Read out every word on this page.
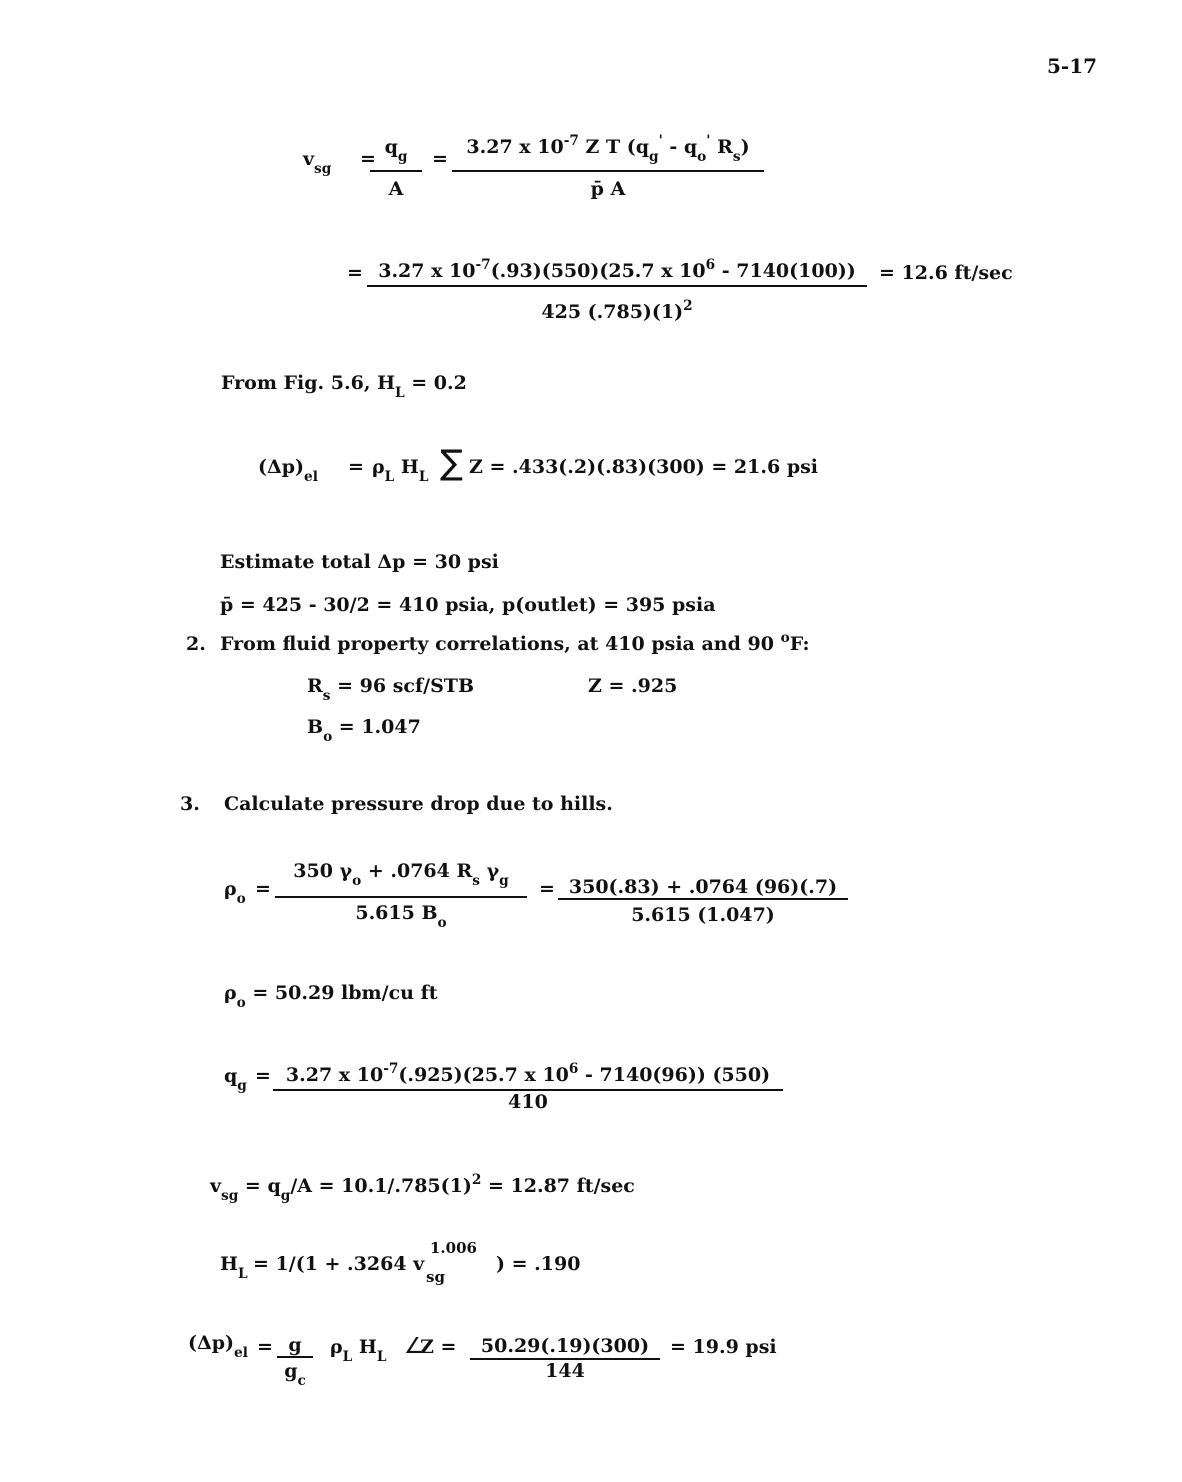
5-17
$v_{sg}$ =
$q_g$
A
=
3.27 x $10^{-7}$ Z T ($q_g' - q_o'$ $R_s$)
p̄ A
= 3.27 x $10^{-7}(.93)(550)(25.7$ x $10^6 - 7140(100)$)
425 $(.785)(1)^2$
= 12.6 ft/sec
From Fig. 5.6, $H_L = 0.2$
$(\Delta p)_{el} = \rho_L$ $H_L$ ∑ Z = .433(.2)(.83)(300) = 21.6 psi
Estimate total Δp = 30 psi
p̄ = 425 - 30/2 = 410 psia, p(outlet) = 395 psia
2. From fluid property correlations, at 410 psia and 90 $^o$F:
$R_s = 96$ scf/STB	Z = .925
$B_o = 1.047$
3. Calculate pressure drop due to hills.
$\rho_o$ =
350 $\gamma_o + .0764$ $R_s$ $\gamma_g$
5.615 $B_o$
= 350(.83) + .0764 (96)(.7)
5.615 (1.047)
$\rho_o = 50.29$ lbm/cu ft
$q_g = 3.27$ x $10^{-7}(.925)(25.7$ x $10^6 - 7140(96)$) (550)
410
$v_{sg} = q_g/A = 10.1/.785(1)^2 = 12.87$ ft/sec
$H_L = 1/(1 + .3264$ v
1.006
sg
) = .190
$(\Delta p)_{el} = g$
$g_c$
$\rho_L$ $H_L$ ∠
Z =	50.29(.19)(300)
144
= 19.9 psi
